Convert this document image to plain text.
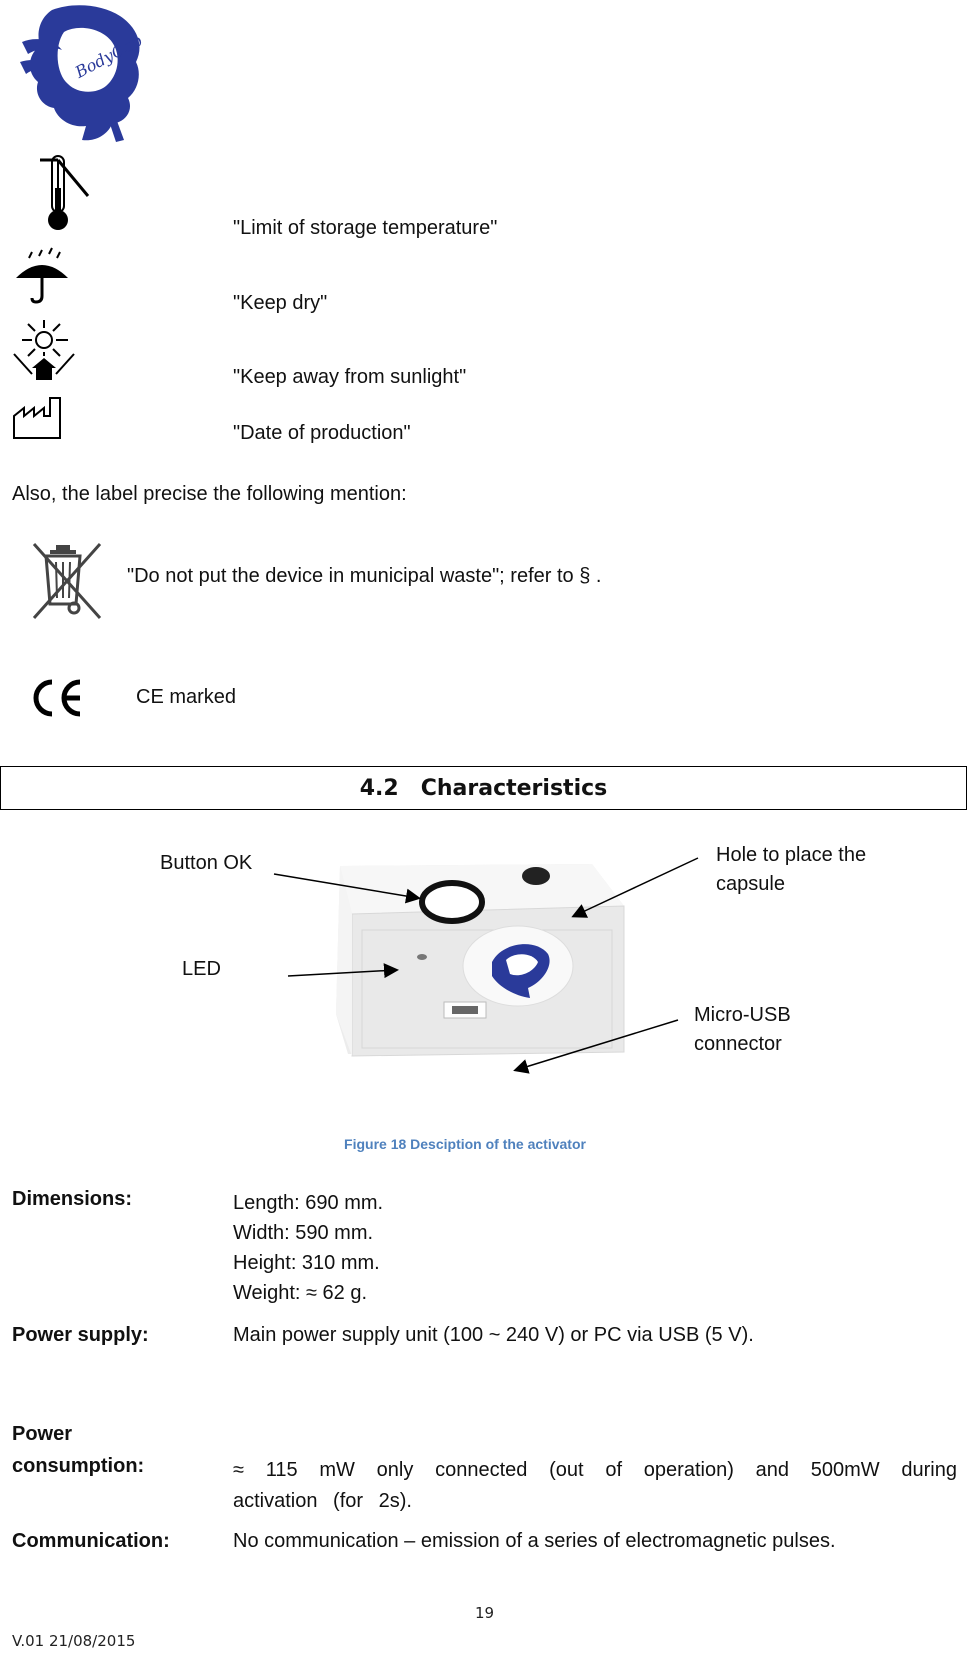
BodyCap
"Limit of storage temperature"
"Keep dry"
"Keep away from sunlight"
"Date of production"
Also, the label precise the following mention:
"Do not put the device in municipal waste"; refer to § .
CE marked
4.2 Characteristics
Button OK
LED
Hole to place the
capsule
Micro-USB
connector
Figure 18 Desciption of the activator
Dimensions:	Length: 690 mm.
Width: 590 mm.
Height: 310 mm.
Weight: ≈ 62 g.
Power supply:	Main power supply unit (100 ~ 240 V) or PC via USB (5 V).
Power
consumption:	≈ 115 mW only connected (out of operation) and 500mW during activation (for 2s).
Communication:	No communication – emission of a series of electromagnetic pulses.
19
V.01 21/08/2015
